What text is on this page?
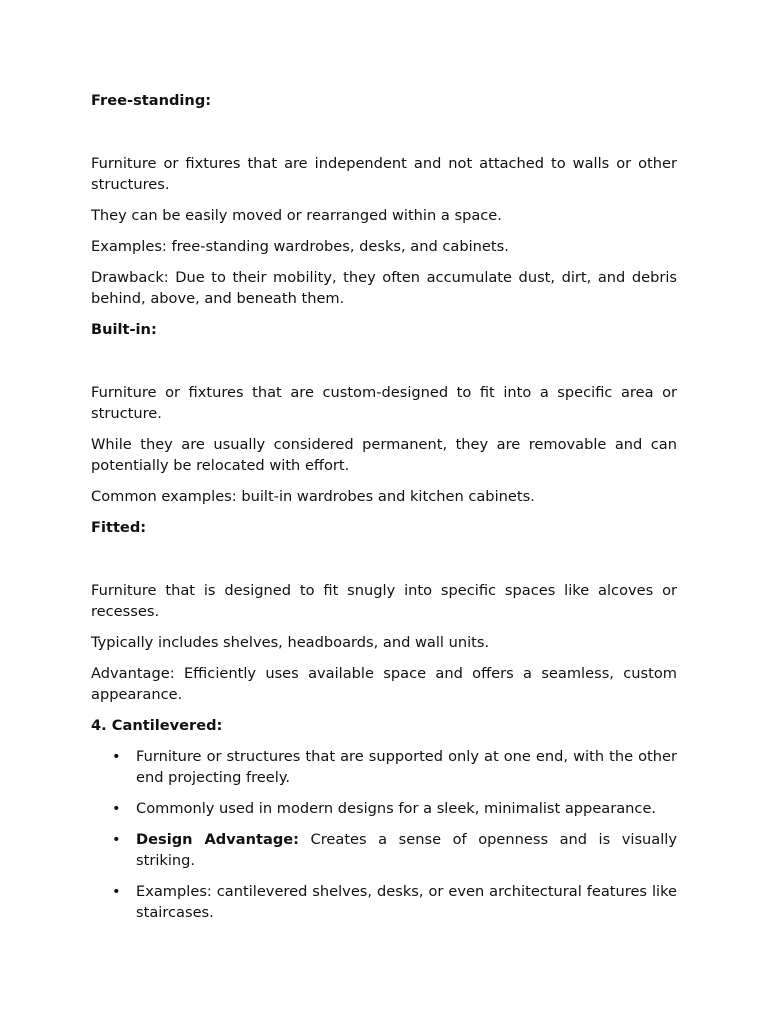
Free-standing:

Furniture or fixtures that are independent and not attached to walls or other structures.

They can be easily moved or rearranged within a space.

Examples: free-standing wardrobes, desks, and cabinets.

Drawback: Due to their mobility, they often accumulate dust, dirt, and debris behind, above, and beneath them.

Built-in:

Furniture or fixtures that are custom-designed to fit into a specific area or structure.

While they are usually considered permanent, they are removable and can potentially be relocated with effort.

Common examples: built-in wardrobes and kitchen cabinets.

Fitted:

Furniture that is designed to fit snugly into specific spaces like alcoves or recesses.

Typically includes shelves, headboards, and wall units.

Advantage: Efficiently uses available space and offers a seamless, custom appearance.

4. Cantilevered:
• Furniture or structures that are supported only at one end, with the other end projecting freely.
• Commonly used in modern designs for a sleek, minimalist appearance.
• Design Advantage: Creates a sense of openness and is visually striking.
• Examples: cantilevered shelves, desks, or even architectural features like staircases.
